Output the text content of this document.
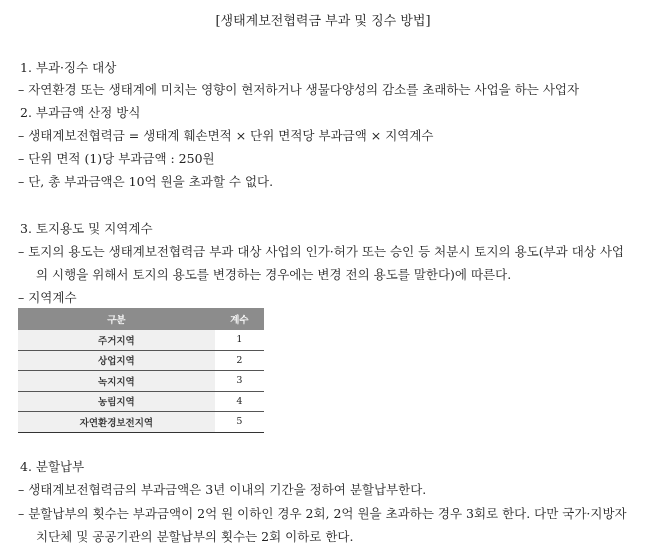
[생태계보전협력금 부과 및 징수 방법]
1. 부과·징수 대상
– 자연환경 또는 생태계에 미치는 영향이 현저하거나 생물다양성의 감소를 초래하는 사업을 하는 사업자
2. 부과금액 산정 방식
– 생태계보전협력금 = 생태계 훼손면적 × 단위 면적당 부과금액 × 지역계수
– 단위 면적 (1)당 부과금액 : 250원
– 단, 총 부과금액은 10억 원을 초과할 수 없다.
3. 토지용도 및 지역계수
– 토지의 용도는 생태계보전협력금 부과 대상 사업의 인가·허가 또는 승인 등 처분시 토지의 용도(부과 대상 사업
의 시행을 위해서 토지의 용도를 변경하는 경우에는 변경 전의 용도를 말한다)에 따른다.
– 지역계수
구분	계수
주거지역	1
상업지역	2
녹지지역	3
농림지역	4
자연환경보전지역	5
4. 분할납부
– 생태계보전협력금의 부과금액은 3년 이내의 기간을 정하여 분할납부한다.
– 분할납부의 횟수는 부과금액이 2억 원 이하인 경우 2회, 2억 원을 초과하는 경우 3회로 한다. 다만 국가·지방자
치단체 및 공공기관의 분할납부의 횟수는 2회 이하로 한다.
